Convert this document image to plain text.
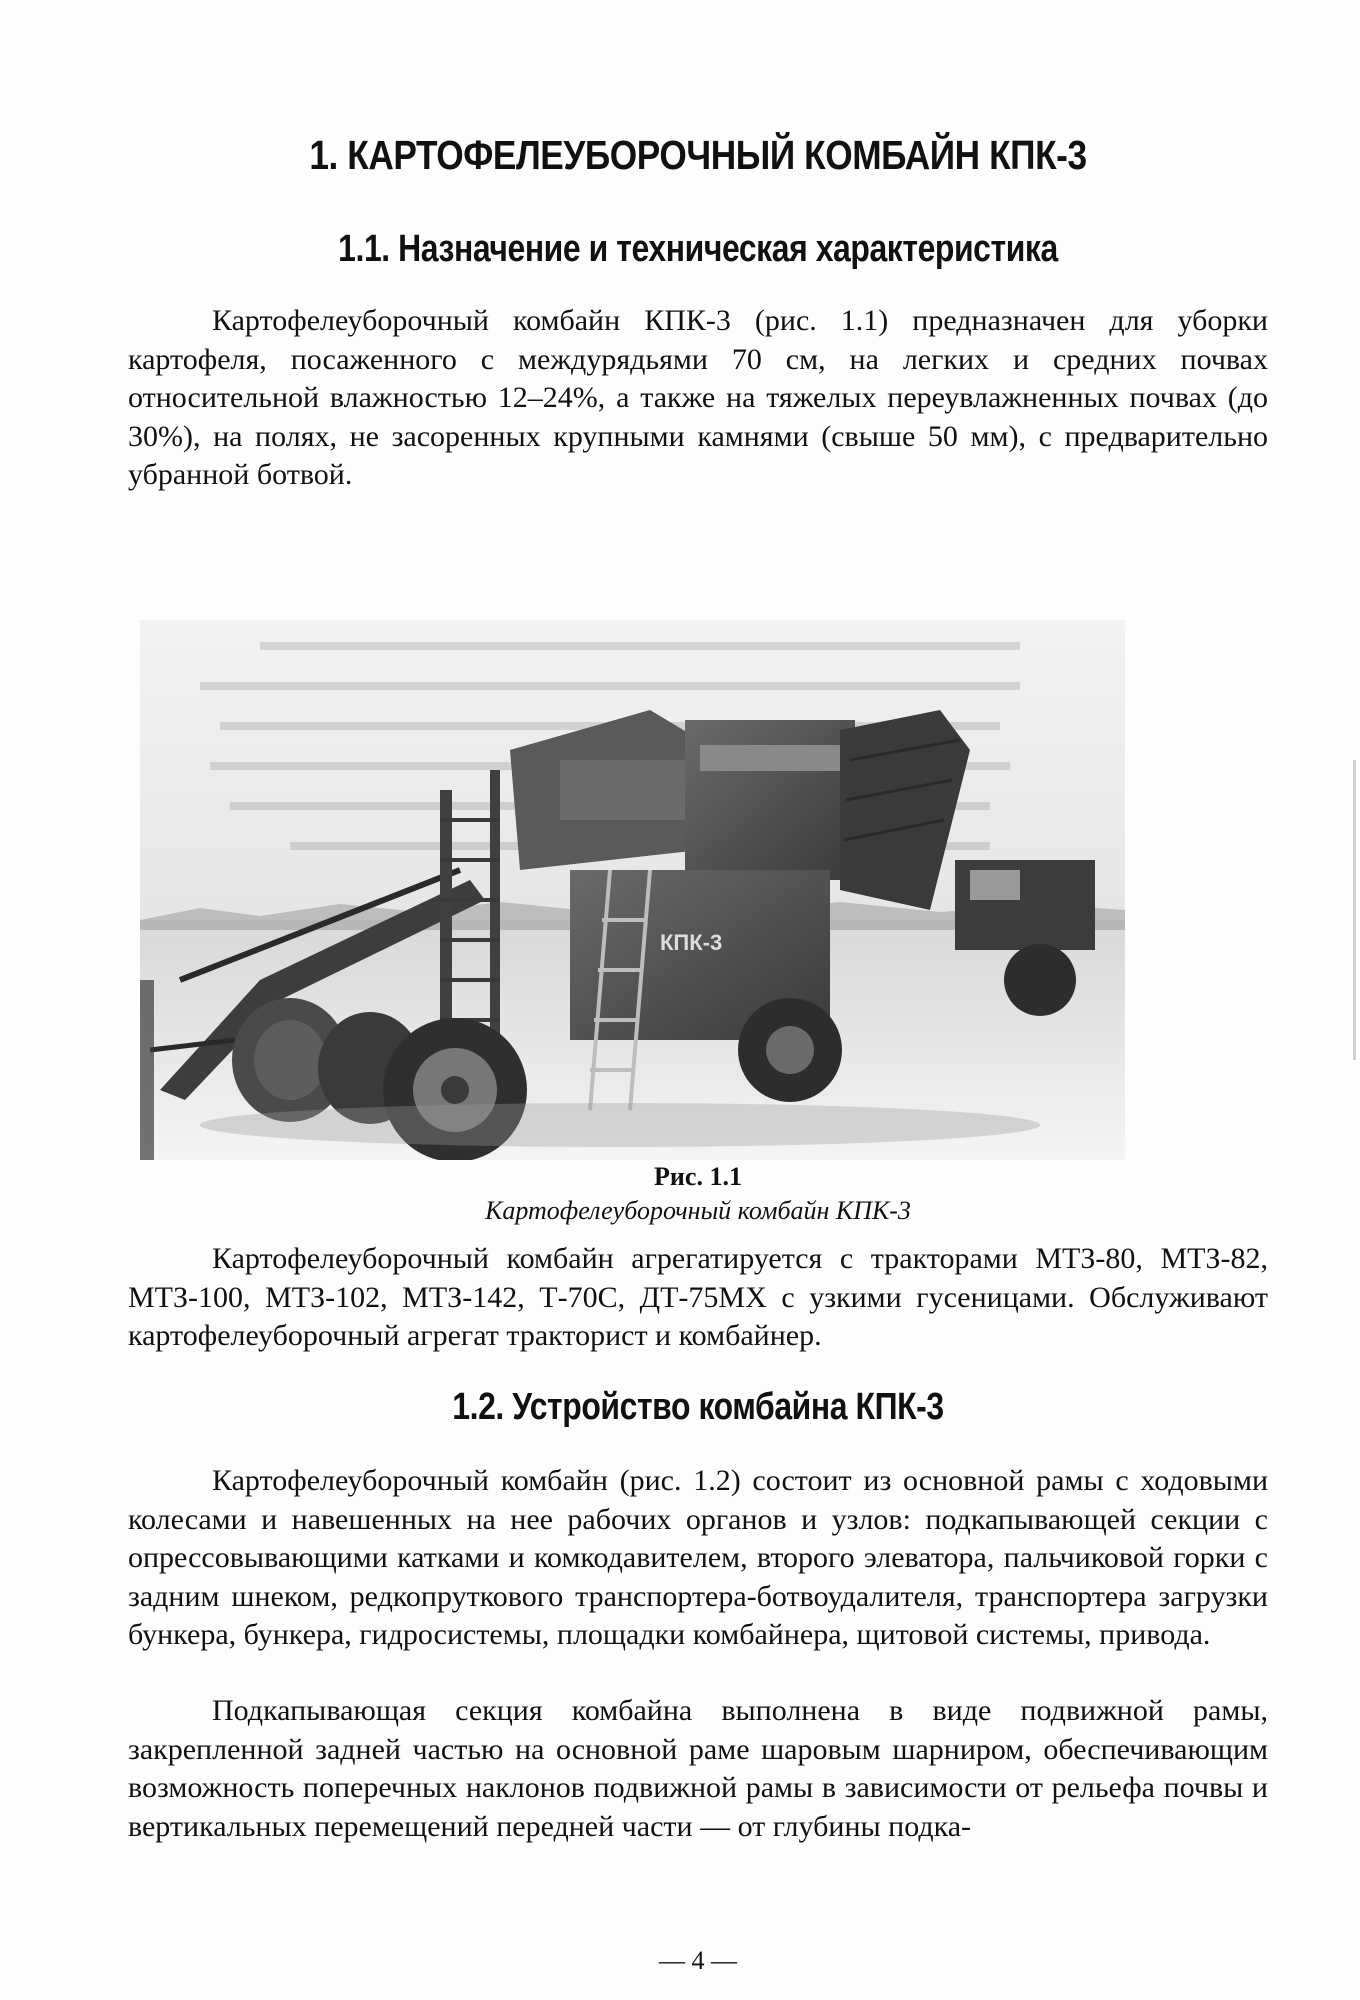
1. КАРТОФЕЛЕУБОРОЧНЫЙ КОМБАЙН КПК-3
1.1. Назначение и техническая характеристика

Картофелеуборочный комбайн КПК-3 (рис. 1.1) предназначен для уборки картофеля, посаженного с междурядьями 70 см, на легких и средних почвах относительной влажностью 12–24%, а также на тяжелых переувлажненных почвах (до 30%), на полях, не засоренных крупными камнями (свыше 50 мм), с предварительно убранной ботвой.

Рис. 1.1
Картофелеуборочный комбайн КПК-3

Картофелеуборочный комбайн агрегатируется с тракторами МТЗ-80, МТЗ-82, МТЗ-100, МТЗ-102, МТЗ-142, Т-70С, ДТ-75МХ с узкими гусеницами. Обслуживают картофелеуборочный агрегат тракторист и комбайнер.

1.2. Устройство комбайна КПК-3

Картофелеуборочный комбайн (рис. 1.2) состоит из основной рамы с ходовыми колесами и навешенных на нее рабочих органов и узлов: подкапывающей секции с опрессовывающими катками и комкодавителем, второго элеватора, пальчиковой горки с задним шнеком, редкопруткового транспортера-ботвоудалителя, транспортера загрузки бункера, бункера, гидросистемы, площадки комбайнера, щитовой системы, привода.

Подкапывающая секция комбайна выполнена в виде подвижной рамы, закрепленной задней частью на основной раме шаровым шарниром, обеспечивающим возможность поперечных наклонов подвижной рамы в зависимости от рельефа почвы и вертикальных перемещений передней части — от глубины подка-

— 4 —
КПК-3
